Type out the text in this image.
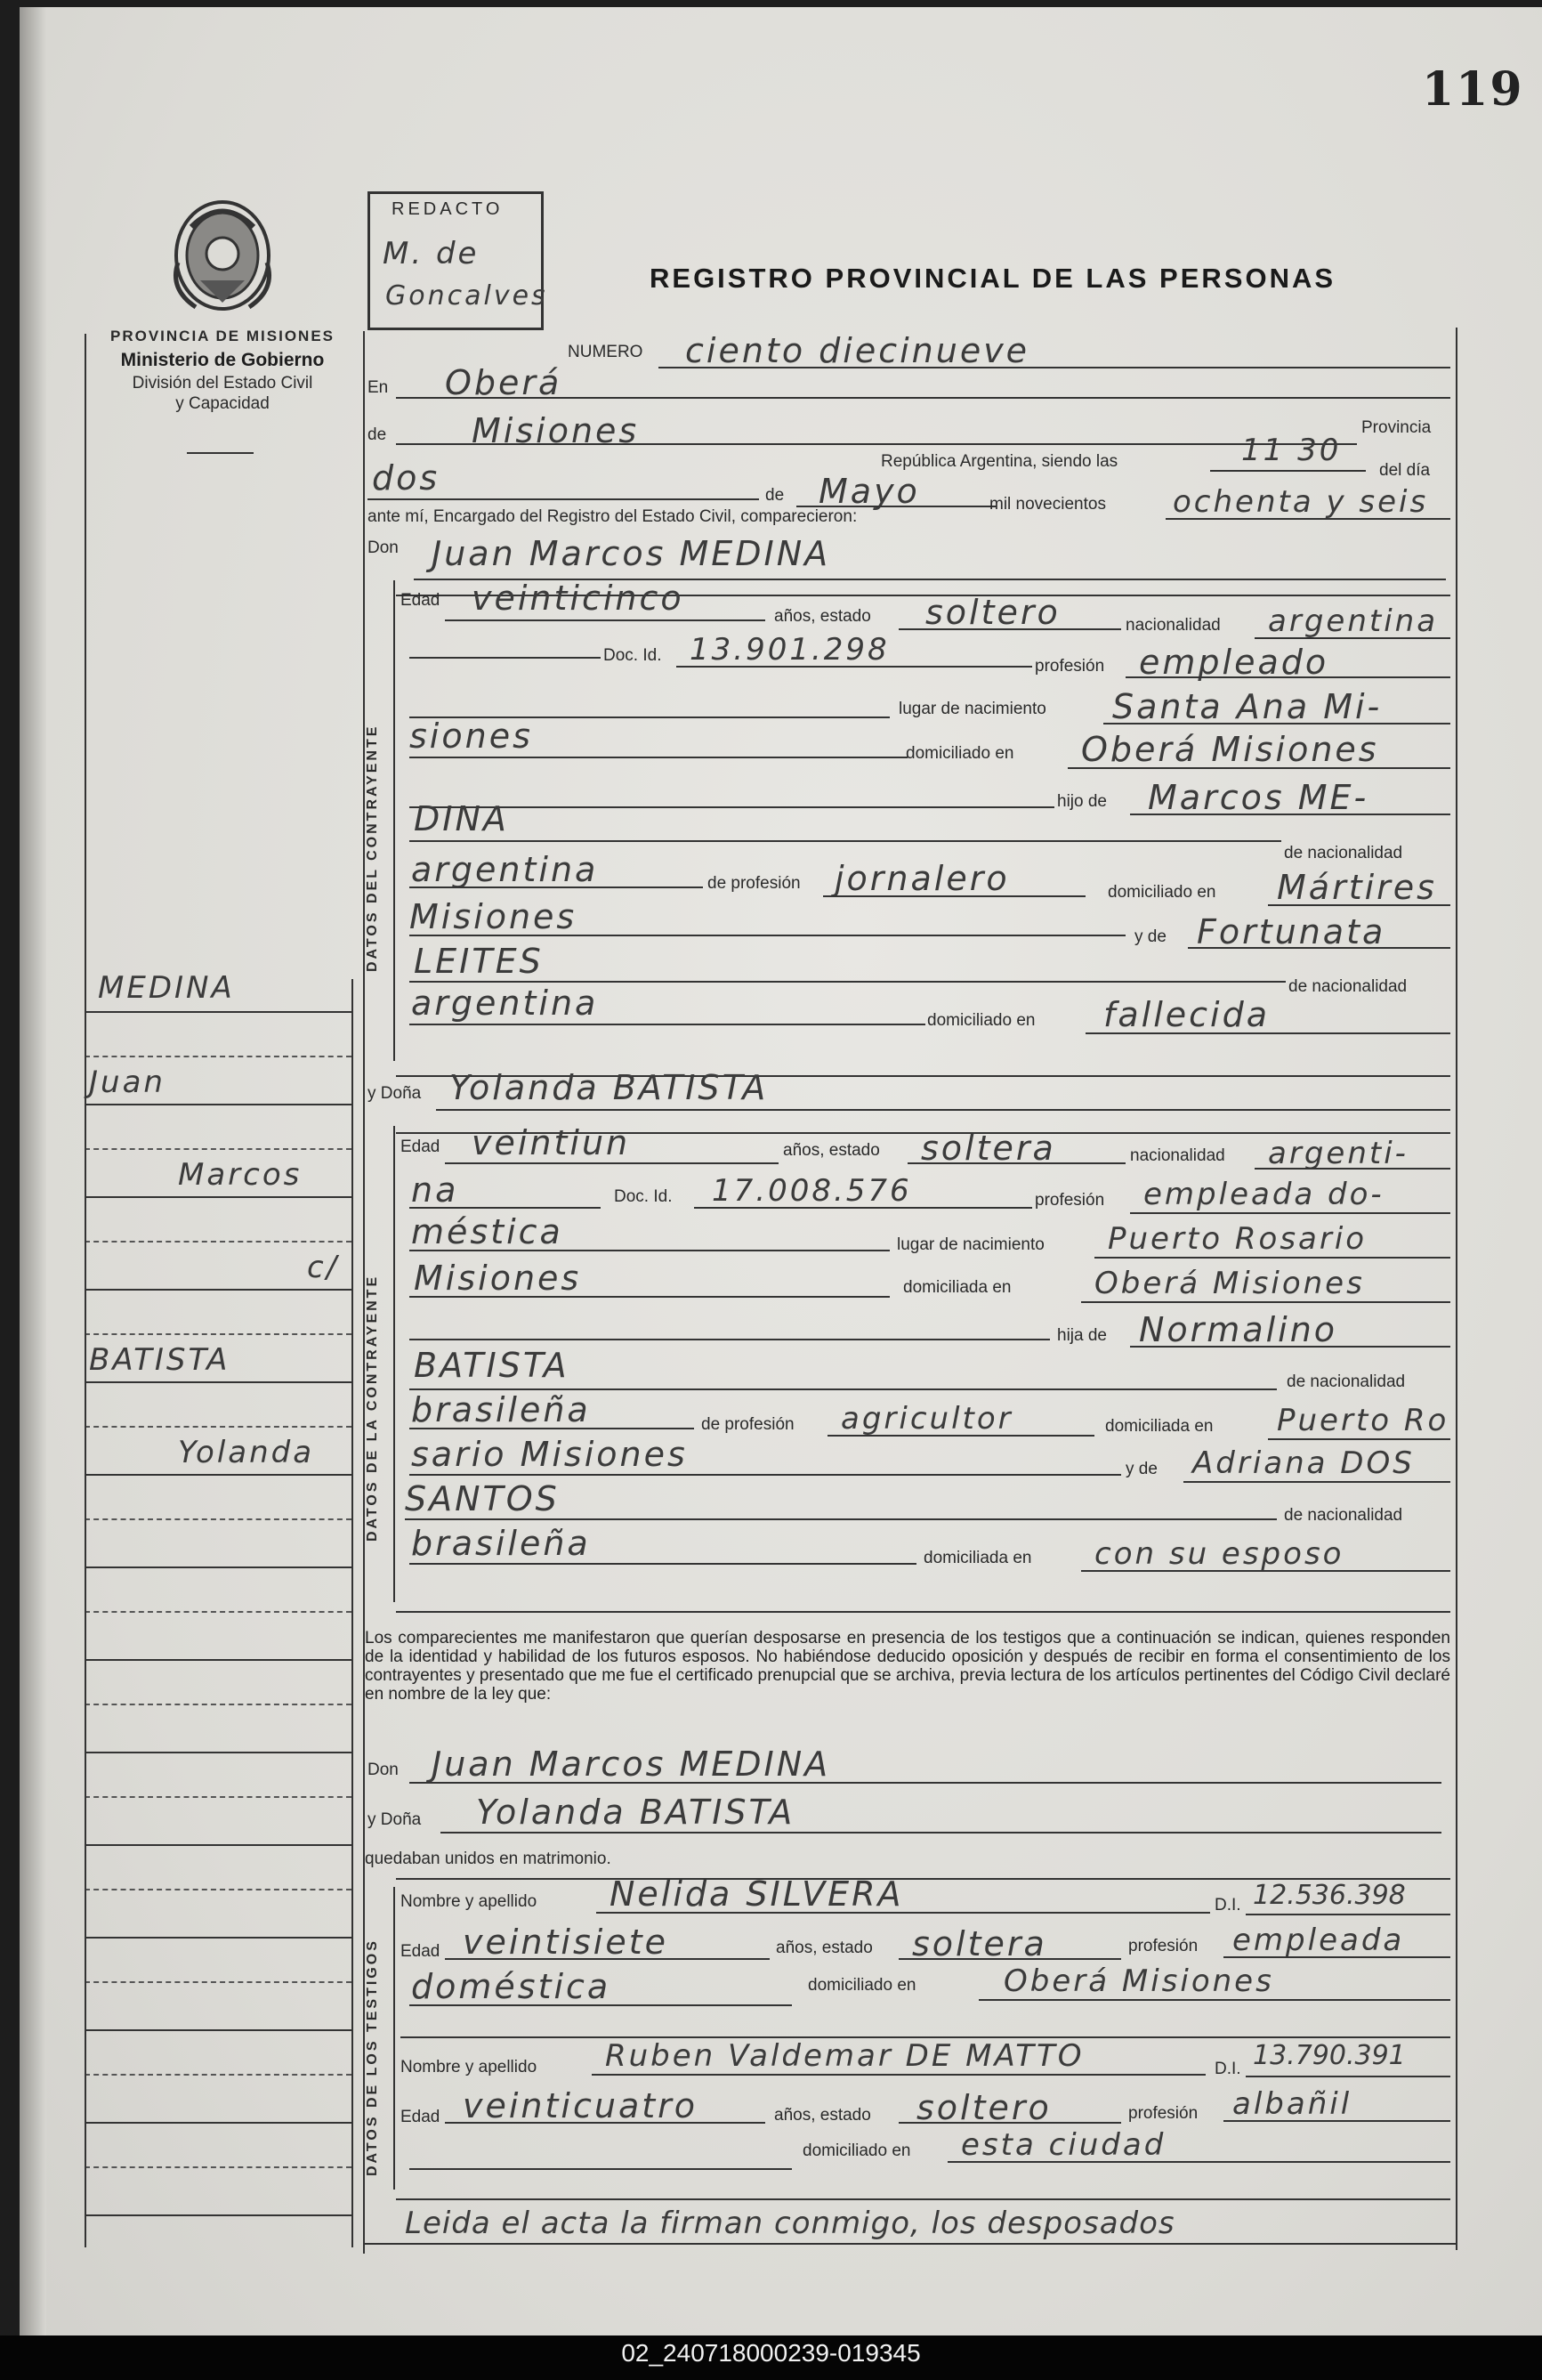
119
PROVINCIA DE MISIONES
Ministerio de Gobierno
División del Estado Civil
y Capacidad
REDACTO
M. de
Goncalves
REGISTRO PROVINCIAL DE LAS PERSONAS
DATOS DEL CONTRAYENTE
DATOS DE LA CONTRAYENTE
DATOS DE LOS TESTIGOS
NUMERO ciento diecinueve
En Oberá
Provincia
de	Misiones
República Argentina, siendo las	11 30
del día
dos	de Mayo	mil novecientos ochenta y seis
ante mí, Encargado del Registro del Estado Civil, comparecieron:
Don Juan Marcos MEDINA
Edad veinticinco	años, estado soltero	nacionalidad argentina
Doc. Id. 13.901.298	profesión empleado
lugar de nacimiento Santa Ana Mi-
siones	domiciliado en Oberá Misiones
hijo de Marcos ME-
DINA
de nacionalidad
argentina	de profesión jornalero	domiciliado en Mártires
Misiones
y de Fortunata
LEITES
de nacionalidad
argentina	domiciliado en fallecida
y Doña Yolanda BATISTA
Edad veintiun	años, estado soltera	nacionalidad argenti-
na	Doc. Id. 17.008.576	profesión empleada do-
méstica	lugar de nacimiento Puerto Rosario
Misiones	domiciliada en	Oberá Misiones
hija de Normalino
BATISTA	de nacionalidad
brasileña	de profesión agricultor	domiciliada en Puerto Ro
sario Misiones	y de Adriana DOS
SANTOS	de nacionalidad
brasileña	domiciliada en con su esposo
Los comparecientes me manifestaron que querían desposarse en presencia de los testigos que a continuación se indican, quienes responden de la identidad y habilidad de los futuros esposos. No habiéndose deducido oposición y después de recibir en forma el consentimiento de los contrayentes y presentado que me fue el certificado prenupcial que se archiva, previa lectura de los artículos pertinentes del Código Civil declaré en nombre de la ley que:
Don Juan Marcos MEDINA
y Doña Yolanda BATISTA
quedaban unidos en matrimonio.
Nombre y apellido Nelida SILVERA	D.I. 12.536.398
Edad veintisiete	años, estado soltera	profesión empleada
doméstica	domiciliado en	Oberá Misiones
Nombre y apellido Ruben Valdemar DE MATTO	D.I. 13.790.391
Edad veinticuatro	años, estado soltero	profesión albañil
domiciliado en esta ciudad
Leida el acta la firman conmigo, los desposados
MEDINA
Juan
Marcos
c/
BATISTA
Yolanda
02_240718000239-019345
